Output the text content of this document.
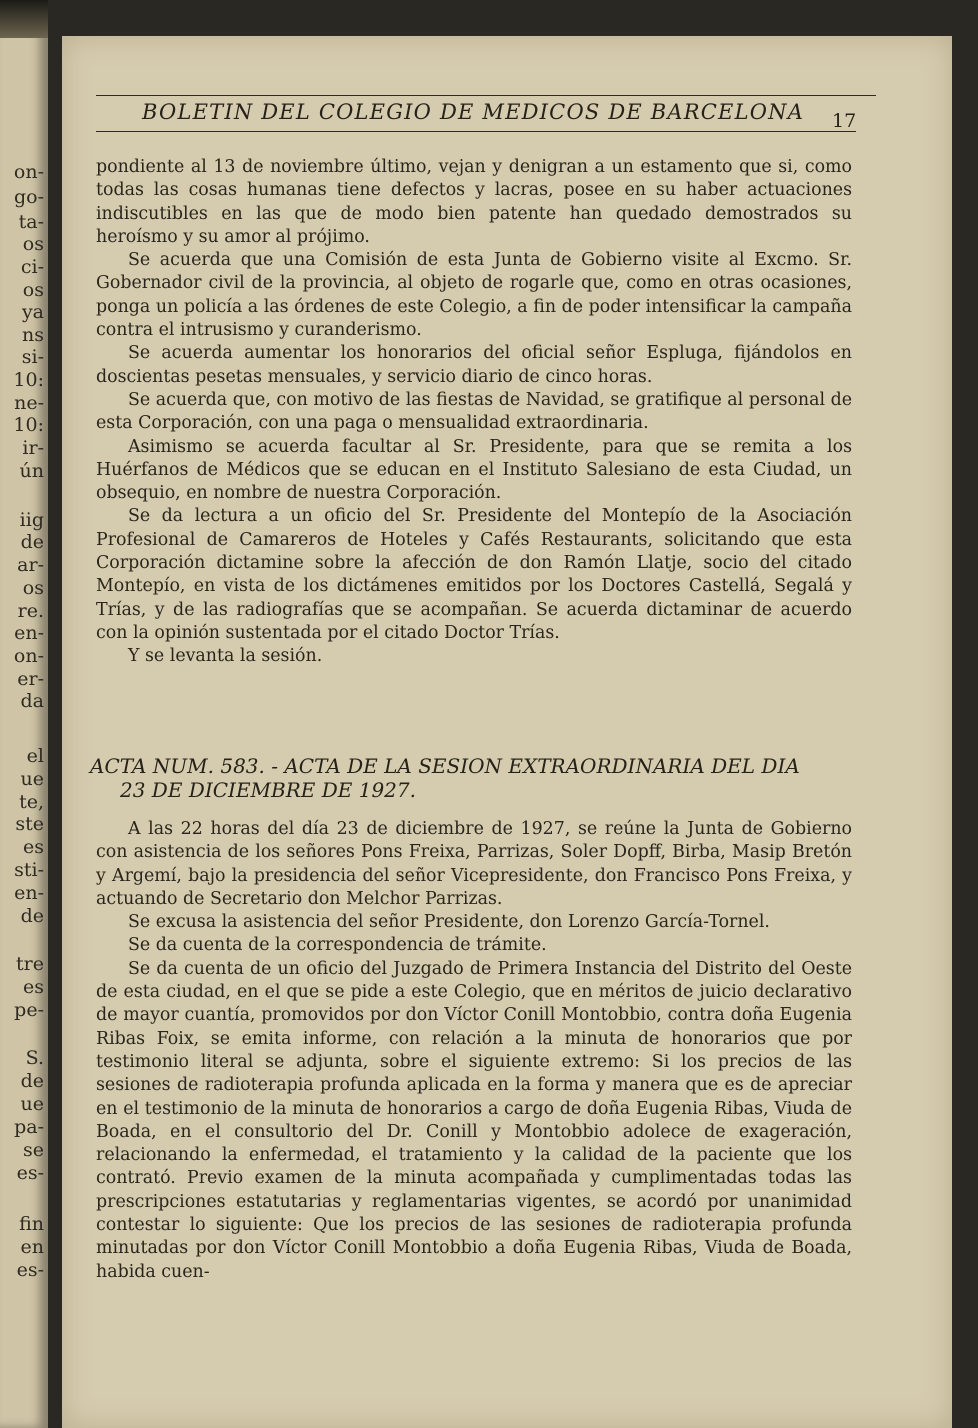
on-
go-
ta-
os
ci-
os
ya
ns
si-
10:
ne-
10:
ir-
ún
iig
de
ar-
os
re.
en-
on-
er-
da
el
ue
te,
ste
es
sti-
en-
de
tre
es
pe-
S.
de
ue
pa-
se
es-
fin
en
es-
BOLETIN DEL COLEGIO DE MEDICOS DE BARCELONA	17

pondiente al 13 de noviembre último, vejan y denigran a un estamento que si, como todas las cosas humanas tiene defectos y lacras, posee en su haber actuaciones indiscutibles en las que de modo bien patente han quedado demostrados su heroísmo y su amor al prójimo.

Se acuerda que una Comisión de esta Junta de Gobierno visite al Excmo. Sr. Gobernador civil de la provincia, al objeto de rogarle que, como en otras ocasiones, ponga un policía a las órdenes de este Colegio, a fin de poder intensificar la campaña contra el intrusismo y curanderismo.

Se acuerda aumentar los honorarios del oficial señor Espluga, fijándolos en doscientas pesetas mensuales, y servicio diario de cinco horas.

Se acuerda que, con motivo de las fiestas de Navidad, se gratifique al personal de esta Corporación, con una paga o mensualidad extraordinaria.

Asimismo se acuerda facultar al Sr. Presidente, para que se remita a los Huérfanos de Médicos que se educan en el Instituto Salesiano de esta Ciudad, un obsequio, en nombre de nuestra Corporación.

Se da lectura a un oficio del Sr. Presidente del Montepío de la Asociación Profesional de Camareros de Hoteles y Cafés Restaurants, solicitando que esta Corporación dictamine sobre la afección de don Ramón Llatje, socio del citado Montepío, en vista de los dictámenes emitidos por los Doctores Castellá, Segalá y Trías, y de las radiografías que se acompañan. Se acuerda dictaminar de acuerdo con la opinión sustentada por el citado Doctor Trías.

Y se levanta la sesión.

ACTA NUM. 583. - ACTA DE LA SESION EXTRAORDINARIA DEL DIA
23 DE DICIEMBRE DE 1927.

A las 22 horas del día 23 de diciembre de 1927, se reúne la Junta de Gobierno con asistencia de los señores Pons Freixa, Parrizas, Soler Dopff, Birba, Masip Bretón y Argemí, bajo la presidencia del señor Vicepresidente, don Francisco Pons Freixa, y actuando de Secretario don Melchor Parrizas.

Se excusa la asistencia del señor Presidente, don Lorenzo García-Tornel.

Se da cuenta de la correspondencia de trámite.

Se da cuenta de un oficio del Juzgado de Primera Instancia del Distrito del Oeste de esta ciudad, en el que se pide a este Colegio, que en méritos de juicio declarativo de mayor cuantía, promovidos por don Víctor Conill Montobbio, contra doña Eugenia Ribas Foix, se emita informe, con relación a la minuta de honorarios que por testimonio literal se adjunta, sobre el siguiente extremo: Si los precios de las sesiones de radioterapia profunda aplicada en la forma y manera que es de apreciar en el testimonio de la minuta de honorarios a cargo de doña Eugenia Ribas, Viuda de Boada, en el consultorio del Dr. Conill y Montobbio adolece de exageración, relacionando la enfermedad, el tratamiento y la calidad de la paciente que los contrató. Previo examen de la minuta acompañada y cumplimentadas todas las prescripciones estatutarias y reglamentarias vigentes, se acordó por unanimidad contestar lo siguiente: Que los precios de las sesiones de radioterapia profunda minutadas por don Víctor Conill Montobbio a doña Eugenia Ribas, Viuda de Boada, habida cuen-
